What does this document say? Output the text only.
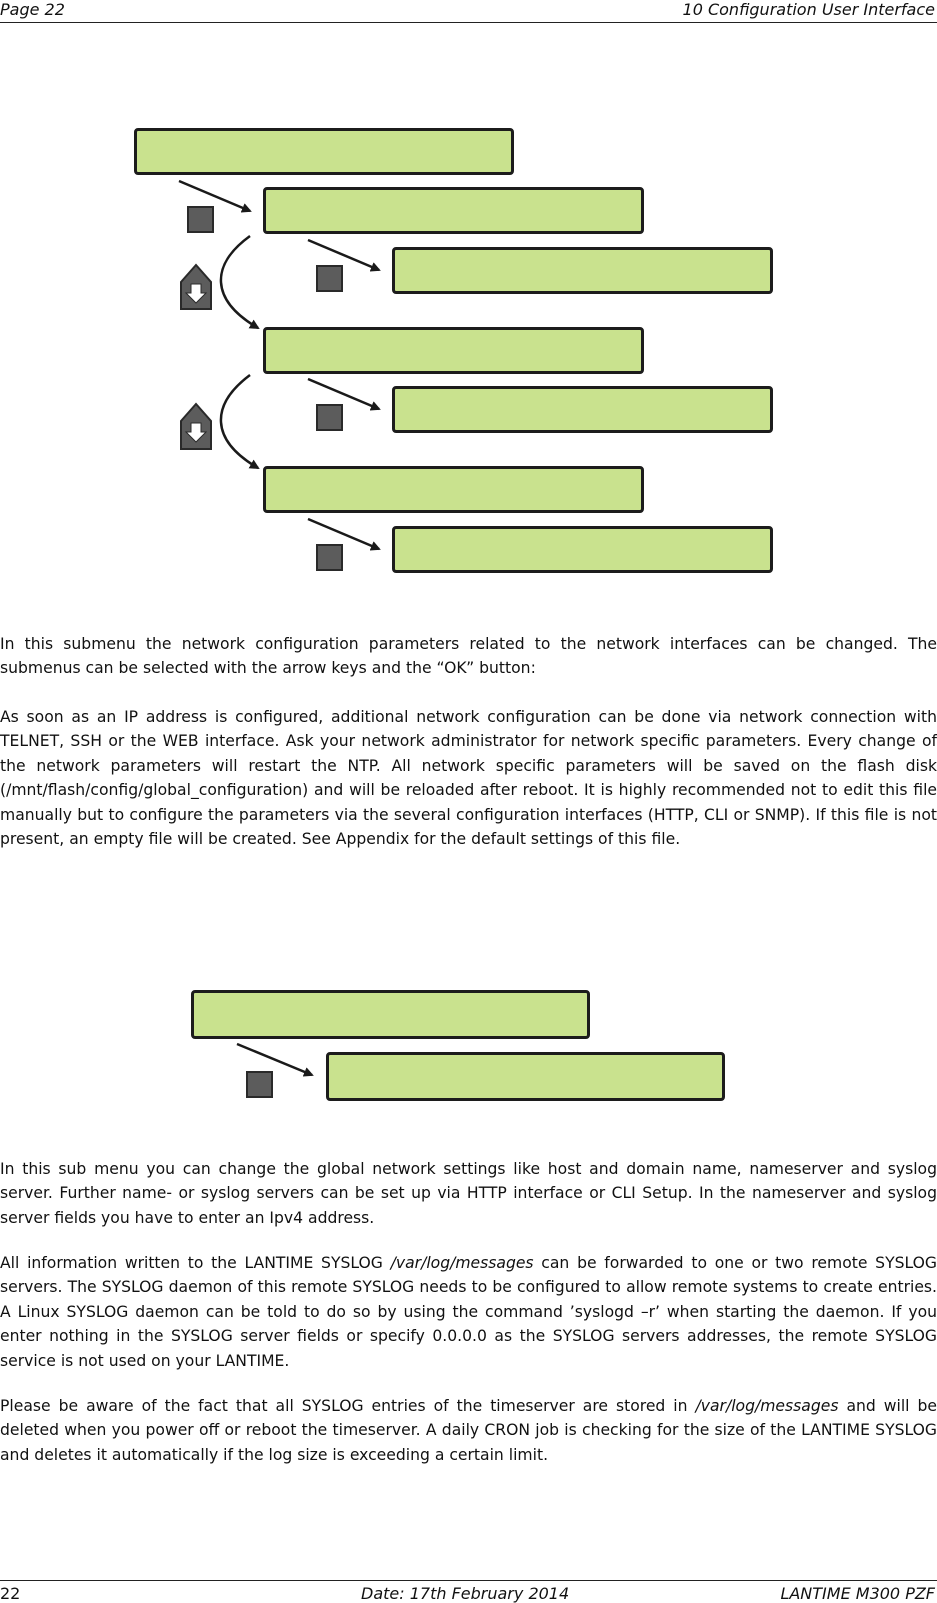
Page 22	10 Configuration User Interface

In this submenu the network configuration parameters related to the network interfaces can be changed. The submenus can be selected with the arrow keys and the “OK” button:

As soon as an IP address is configured, additional network configuration can be done via network connection with TELNET, SSH or the WEB interface. Ask your network administrator for network specific parameters. Every change of the network parameters will restart the NTP. All network specific parameters will be saved on the flash disk (/mnt/flash/config/global_configuration) and will be reloaded after reboot. It is highly recommended not to edit this file manually but to configure the parameters via the several configuration interfaces (HTTP, CLI or SNMP). If this file is not present, an empty file will be created. See Appendix for the default settings of this file.

In this sub menu you can change the global network settings like host and domain name, nameserver and syslog server. Further name- or syslog servers can be set up via HTTP interface or CLI Setup. In the nameserver and syslog server fields you have to enter an Ipv4 address.

All information written to the LANTIME SYSLOG /var/log/messages can be forwarded to one or two remote SYSLOG servers. The SYSLOG daemon of this remote SYSLOG needs to be configured to allow remote systems to create entries. A Linux SYSLOG daemon can be told to do so by using the command ’syslogd –r’ when starting the daemon. If you enter nothing in the SYSLOG server fields or specify 0.0.0.0 as the SYSLOG servers addresses, the remote SYSLOG service is not used on your LANTIME.

Please be aware of the fact that all SYSLOG entries of the timeserver are stored in /var/log/messages and will be deleted when you power off or reboot the timeserver. A daily CRON job is checking for the size of the LANTIME SYSLOG and deletes it automatically if the log size is exceeding a certain limit.

22	Date: 17th February 2014	LANTIME M300 PZF
